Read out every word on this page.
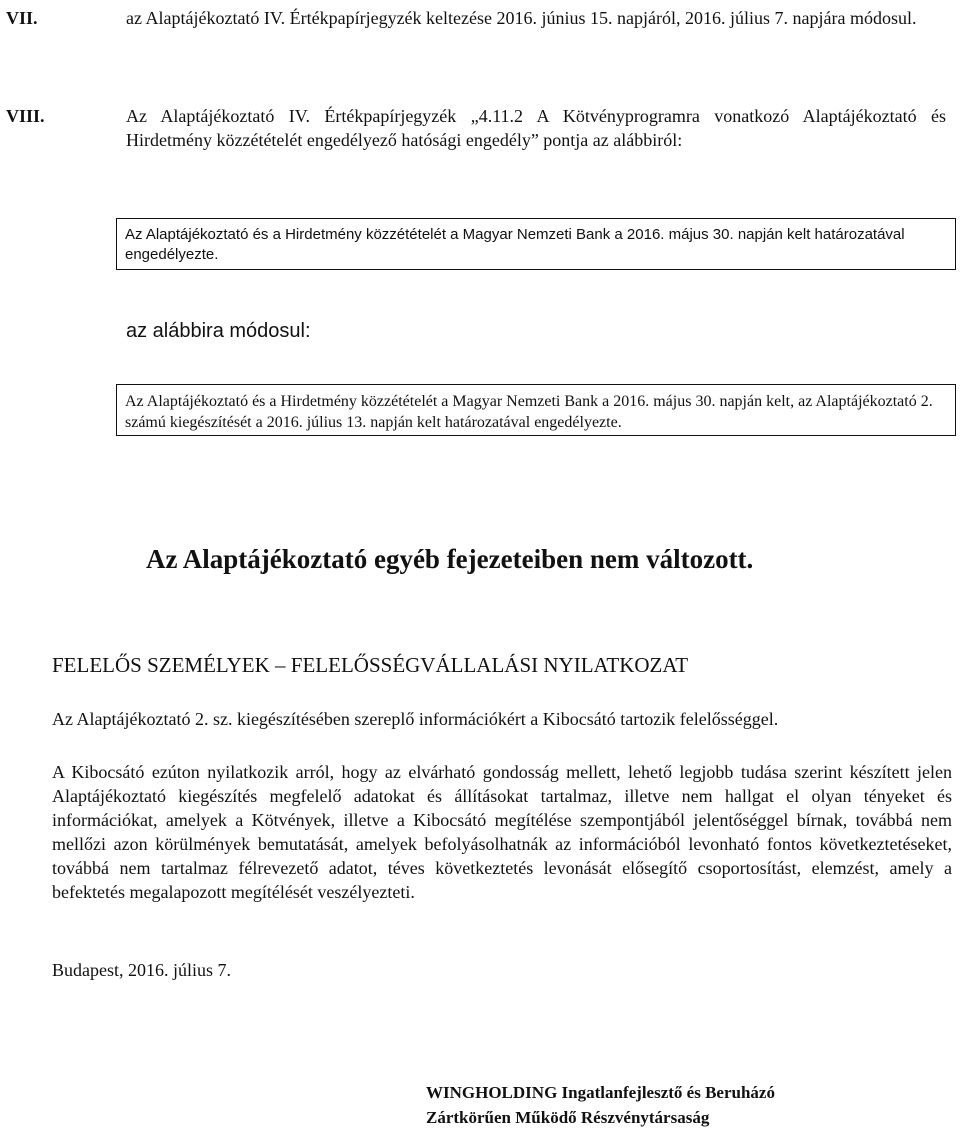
VII.	az Alaptájékoztató IV. Értékpapírjegyzék keltezése 2016. június 15. napjáról, 2016. július 7. napjára módosul.
VIII.	Az Alaptájékoztató IV. Értékpapírjegyzék „4.11.2 A Kötvényprogramra vonatkozó Alaptájékoztató és Hirdetmény közzétételét engedélyező hatósági engedély” pontja az alábbiról:
Az Alaptájékoztató és a Hirdetmény közzétételét a Magyar Nemzeti Bank a 2016. május 30. napján kelt határozatával engedélyezte.
az alábbira módosul:
Az Alaptájékoztató és a Hirdetmény közzétételét a Magyar Nemzeti Bank a 2016. május 30. napján kelt, az Alaptájékoztató 2. számú kiegészítését a 2016. július 13. napján kelt határozatával engedélyezte.
Az Alaptájékoztató egyéb fejezeteiben nem változott.
FELELŐS SZEMÉLYEK – FELELŐSSÉGVÁLLALÁSI NYILATKOZAT
Az Alaptájékoztató 2. sz. kiegészítésében szereplő információkért a Kibocsátó tartozik felelősséggel.
A Kibocsátó ezúton nyilatkozik arról, hogy az elvárható gondosság mellett, lehető legjobb tudása szerint készített jelen Alaptájékoztató kiegészítés megfelelő adatokat és állításokat tartalmaz, illetve nem hallgat el olyan tényeket és információkat, amelyek a Kötvények, illetve a Kibocsátó megítélése szempontjából jelentőséggel bírnak, továbbá nem mellőzi azon körülmények bemutatását, amelyek befolyásolhatnák az információból levonható fontos következtetéseket, továbbá nem tartalmaz félrevezető adatot, téves következtetés levonását elősegítő csoportosítást, elemzést, amely a befektetés megalapozott megítélését veszélyezteti.
Budapest, 2016. július 7.
WINGHOLDING Ingatlanfejlesztő és Beruházó
Zártkörűen Működő Részvénytársaság
